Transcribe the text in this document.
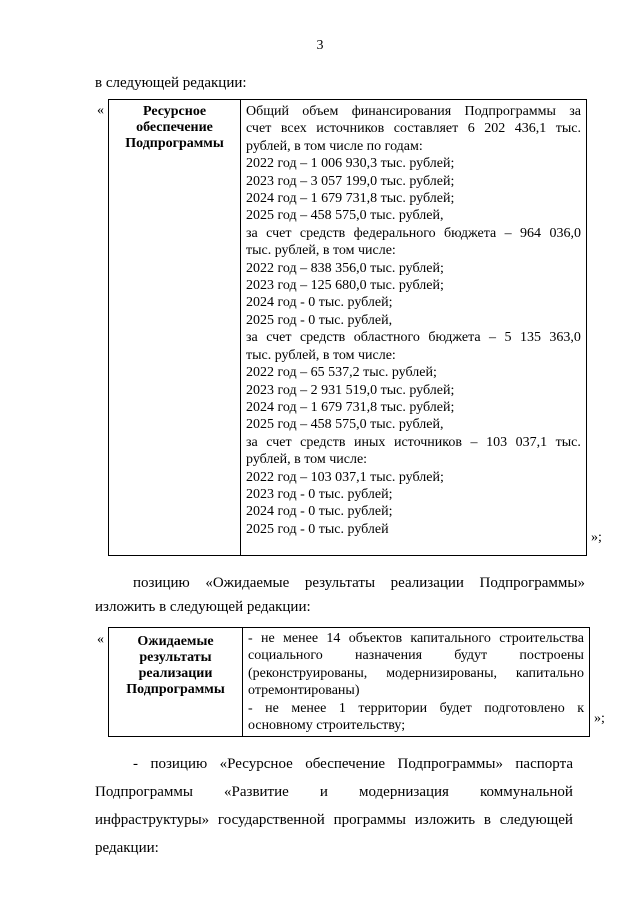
3
в следующей редакции:
«	Ресурсное
обеспечение
Подпрограммы

Общий объем финансирования Подпрограммы за
счет всех источников составляет 6 202 436,1 тыс.
рублей, в том числе по годам:
2022 год – 1 006 930,3 тыс. рублей;
2023 год – 3 057 199,0 тыс. рублей;
2024 год – 1 679 731,8 тыс. рублей;
2025 год – 458 575,0 тыс. рублей,
за счет средств федерального бюджета – 964 036,0
тыс. рублей, в том числе:
2022 год – 838 356,0 тыс. рублей;
2023 год – 125 680,0 тыс. рублей;
2024 год - 0 тыс. рублей;
2025 год - 0 тыс. рублей,
за счет средств областного бюджета – 5 135 363,0
тыс. рублей, в том числе:
2022 год – 65 537,2 тыс. рублей;
2023 год – 2 931 519,0 тыс. рублей;
2024 год – 1 679 731,8 тыс. рублей;
2025 год – 458 575,0 тыс. рублей,
за счет средств иных источников – 103 037,1 тыс.
рублей, в том числе:
2022 год – 103 037,1 тыс. рублей;
2023 год - 0 тыс. рублей;
2024 год - 0 тыс. рублей;
2025 год - 0 тыс. рублей
»;
позицию «Ожидаемые результаты реализации Подпрограммы»
изложить в следующей редакции:
«	Ожидаемые
результаты
реализации
Подпрограммы

- не менее 14 объектов капитального строительства
социального назначения будут построены
(реконструированы, модернизированы, капитально
отремонтированы)
- не менее 1 территории будет подготовлено к
основному строительству;	»;
- позицию «Ресурсное обеспечение Подпрограммы» паспорта
Подпрограммы «Развитие и модернизация коммунальной
инфраструктуры» государственной программы изложить в следующей
редакции:
